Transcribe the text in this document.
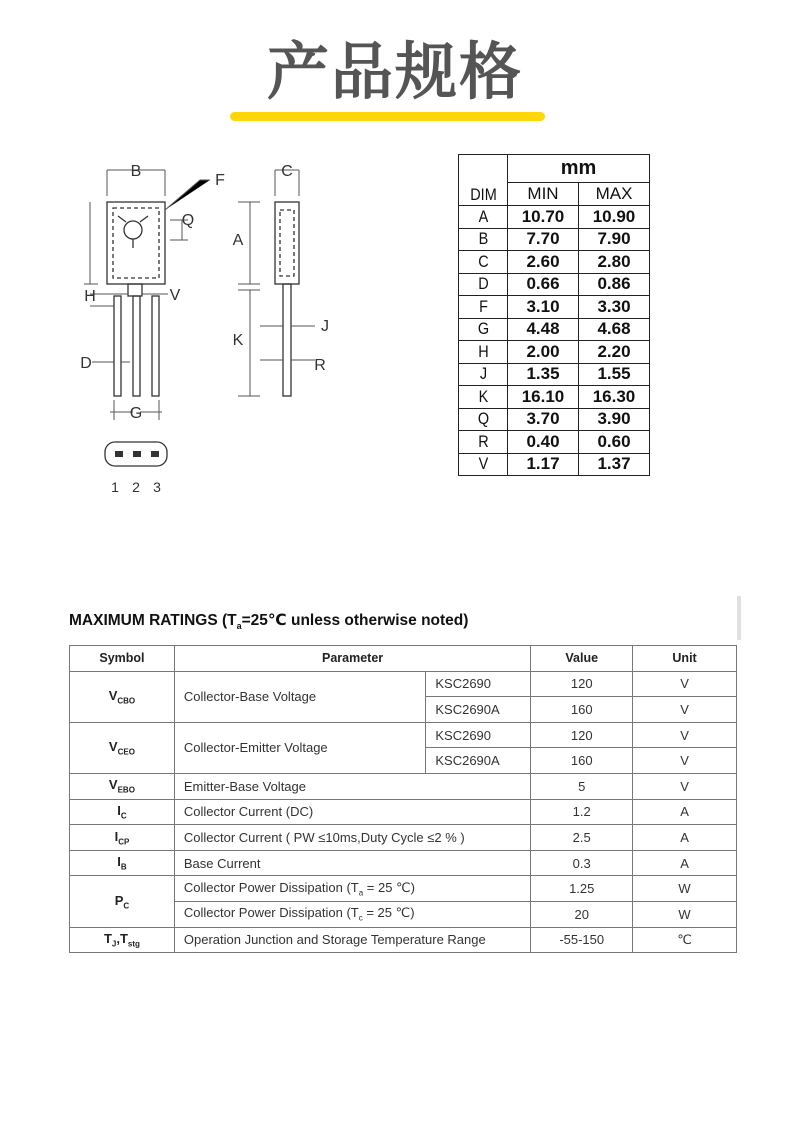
产品规格
B
F
Q
C
A
H	V
K
J
D	R
G
1 2 3
DIM	mm	
	MIN	MAX
A	10.70	10.90
B	7.70	7.90
C	2.60	2.80
D	0.66	0.86
F	3.10	3.30
G	4.48	4.68
H	2.00	2.20
J	1.35	1.55
K	16.10	16.30
Q	3.70	3.90
R	0.40	0.60
V	1.17	1.37
MAXIMUM RATINGS ($T_a=25℃$ unless otherwise noted)
Symbol	Parameter		Value	Unit
$V_{CBO}$	Collector-Base Voltage	KSC2690	120	V
		KSC2690A	160	V
$V_{CEO}$	Collector-Emitter Voltage	KSC2690	120	V
		KSC2690A	160	V
$V_{EBO}$	Emitter-Base Voltage		5	V
$I_C$	Collector Current (DC)		1.2	A
$I_{CP}$	Collector Current ( PW ≤10ms,Duty Cycle ≤2 % )		2.5	A
$I_B$	Base Current		0.3	A
$P_C$	Collector Power Dissipation ($T_a = 25$ ℃)		1.25	W
	Collector Power Dissipation ($T_c = 25$ ℃)		20	W
$T_J,T_{stg}$	Operation Junction and Storage Temperature Range		-55-150	℃
